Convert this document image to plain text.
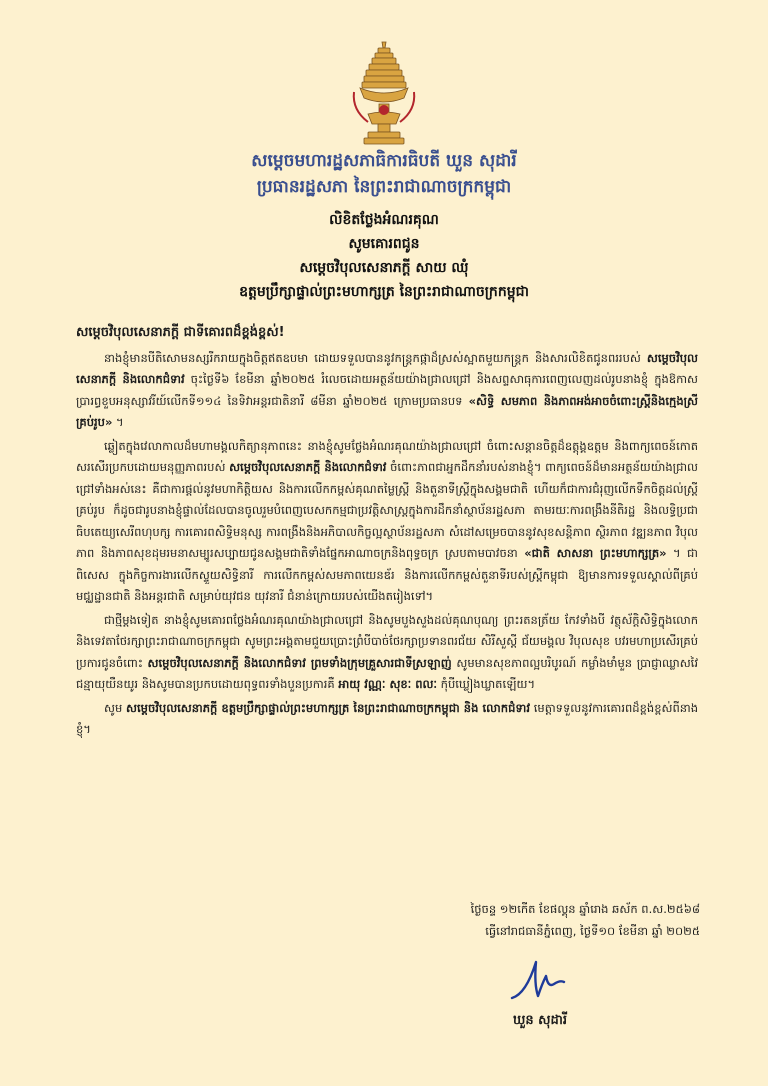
សម្ដេចមហារដ្ឋសភាធិការធិបតី ឃួន សុដារី
ប្រធានរដ្ឋសភា នៃព្រះរាជាណាចក្រកម្ពុជា
លិខិតថ្លែងអំណរគុណ
សូមគោរពជូន
សម្ដេចវិបុលសេនាភក្ដី សាយ ឈុំ
ឧត្ដមប្រឹក្សាផ្ទាល់ព្រះមហាក្សត្រ នៃព្រះរាជាណាចក្រកម្ពុជា
សម្ដេចវិបុលសេនាភក្ដី ជាទីគោរពដ៏ខ្ពង់ខ្ពស់!

នាងខ្ញុំមានបីតិសោមនស្សរីករាយក្នុងចិត្តឥតឧបមា ដោយទទួលបាននូវកន្ត្រកផ្កាដ៏ស្រស់ស្អាតមួយកន្ត្រក និងសារលិខិតជូនពររបស់ សម្ដេចវិបុលសេនាភក្ដី និងលោកជំទាវ ចុះថ្ងៃទី៦ ខែមីនា ឆ្នាំ២០២៥ រំលេចដោយអត្ថន័យយ៉ាងជ្រាលជ្រៅ និងសព្ទសាធុការពេញលេញដល់រូបនាងខ្ញុំ ក្នុងឱកាសប្រារព្ធខួបអនុស្សាវរីយ៍លើកទី១១៤ នៃទិវាអន្ដរជាតិនារី ៨មីនា ឆ្នាំ២០២៥ ក្រោមប្រធានបទ «សិទ្ធិ សមភាព និងភាពអង់អាចចំពោះស្ត្រីនិងក្មេងស្រីគ្រប់រូប» ។

ឆ្លៀតក្នុងវេលាកាលដ៏មហាមង្គលកិត្យានុភាពនេះ នាងខ្ញុំសូមថ្លែងអំណរគុណយ៉ាងជ្រាលជ្រៅ ចំពោះសន្ដានចិត្តដ៏ឧត្ដុង្គឧត្ដម និងពាក្យពេចន៍កោតសរសើរប្រកបដោយមនុញ្ញភាពរបស់ សម្ដេចវិបុលសេនាភក្ដី និងលោកជំទាវ ចំពោះភាពជាអ្នកដឹកនាំរបស់នាងខ្ញុំ។ ពាក្យពេចន៍ដ៏មានអត្ថន័យយ៉ាងជ្រាលជ្រៅទាំងអស់នេះ គឺជាការផ្ដល់នូវមហាកិត្តិយស និងការលើកកម្ពស់គុណតម្លៃស្ត្រី និងតួនាទីស្ត្រីក្នុងសង្គមជាតិ ហើយក៏ជាការជំរុញលើកទឹកចិត្តដល់ស្ត្រីគ្រប់រូប ក៏ដូចជារូបនាងខ្ញុំផ្ទាល់ដែលបានចូលរួមបំពេញបេសកកម្មជាប្រវត្តិសាស្ត្រក្នុងការដឹកនាំស្ថាប័នរដ្ឋសភា តាមរយៈការពង្រឹងនីតិរដ្ឋ និងលទ្ធិប្រជាធិបតេយ្យសេរីពហុបក្ស ការគោរពសិទ្ធិមនុស្ស ការពង្រឹងនិងអភិបាលកិច្ចល្អស្ថាប័នរដ្ឋសភា សំដៅសម្រេចបាននូវសុខសន្តិភាព ស្ថិរភាព វឌ្ឍនភាព វិបុលភាព និងភាពសុខដុមរមនាសម្បូរសប្បាយជូនសង្គមជាតិទាំងផ្នែកអាណាចក្រនិងពុទ្ធចក្រ ស្របតាមបាវចនា «ជាតិ សាសនា ព្រះមហាក្សត្រ» ។ ជាពិសេស ក្នុងកិច្ចការងារលើកស្ទួយសិទ្ធិនារី ការលើកកម្ពស់សមភាពយេនឌ័រ និងការលើកកម្ពស់តួនាទីរបស់ស្ត្រីកម្ពុជា ឱ្យមានការទទួលស្គាល់ពីគ្រប់មជ្ឈដ្ឋានជាតិ និងអន្ដរជាតិ សម្រាប់យុវជន យុវនារី ជំនាន់ក្រោយរបស់យើងតរៀងទៅ។

ជាថ្មីម្ដងទៀត នាងខ្ញុំសូមគោរពថ្លែងអំណរគុណយ៉ាងជ្រាលជ្រៅ និងសូមបួងសួងដល់គុណបុណ្យ ព្រះរតនត្រ័យ កែវទាំងបី វត្ថុស័ក្តិសិទ្ធិក្នុងលោក និងទេវតាថែរក្សាព្រះរាជាណាចក្រកម្ពុជា សូមព្រះអង្គតាមជួយប្រោះព្រំបីបាច់ថែរក្សាប្រទានពរជ័យ សិរីសួស្ដី ជ័យមង្គល វិបុលសុខ បវរមហាប្រសើរគ្រប់ប្រការជូនចំពោះ សម្ដេចវិបុលសេនាភក្ដី និងលោកជំទាវ ព្រមទាំងក្រុមគ្រួសារជាទីស្រឡាញ់ សូមមានសុខភាពល្អបរិបូរណ៍ កម្លាំងមាំមួន ប្រាជ្ញាឈ្លាសវៃ ជន្មាយុយឺនយូរ និងសូមបានប្រកបដោយពុទ្ធពរទាំងបួនប្រការគឺ អាយុ វណ្ណៈ សុខៈ ពលៈ កុំបីឃ្លៀងឃ្លាតឡើយ។

សូម សម្ដេចវិបុលសេនាភក្ដី ឧត្ដមប្រឹក្សាផ្ទាល់ព្រះមហាក្សត្រ នៃព្រះរាជាណាចក្រកម្ពុជា និង លោកជំទាវ មេត្តាទទួលនូវការគោរពដ៏ខ្ពង់ខ្ពស់ពីនាងខ្ញុំ។

ថ្ងៃចន្ទ ១២កើត ខែផល្គុន ឆ្នាំរោង ឆស័ក ព.ស.២៥៦៨
ធ្វើនៅរាជធានីភ្នំពេញ, ថ្ងៃទី១០ ខែមីនា ឆ្នាំ ២០២៥
ឃួន សុដារី
